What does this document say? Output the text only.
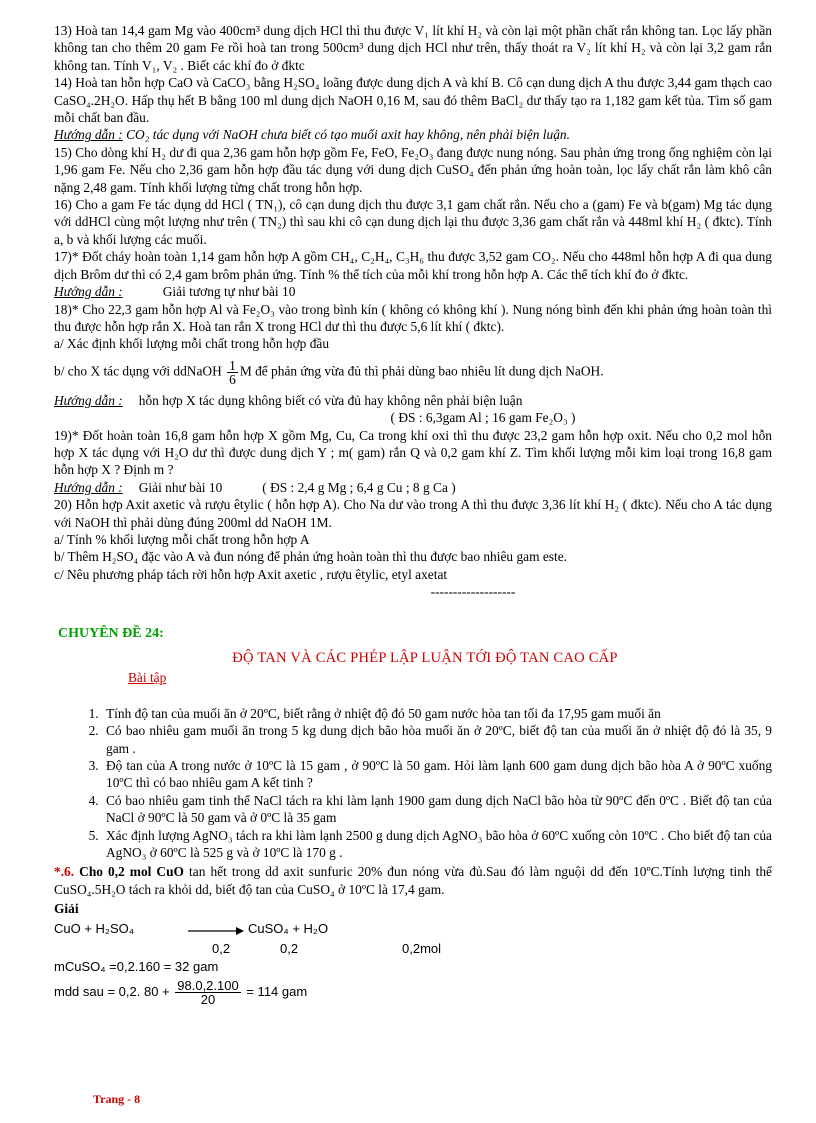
13) Hoà tan 14,4 gam Mg vào 400cm³ dung dịch HCl thì thu được V₁ lít khí H₂ và còn lại một phần chất rắn không tan. Lọc lấy phần không tan cho thêm 20 gam Fe rồi hoà tan trong 500cm³ dung dịch HCl như trên, thấy thoát ra V₂ lít khí H₂ và còn lại 3,2 gam rắn không tan. Tính V₁, V₂ . Biết các khí đo ở đktc

14) Hoà tan hỗn hợp CaO và CaCO₃ bằng H₂SO₄ loãng được dung dịch A và khí B. Cô cạn dung dịch A thu được 3,44 gam thạch cao CaSO₄.2H₂O. Hấp thụ hết B bằng 100 ml dung dịch NaOH 0,16 M, sau đó thêm BaCl₂ dư thấy tạo ra 1,182 gam kết tủa. Tìm số gam mỗi chất ban đầu.

Hướng dẫn : CO₂ tác dụng với NaOH chưa biết có tạo muối axit hay không, nên phải biện luận.

15) Cho dòng khí H₂ dư đi qua 2,36 gam hỗn hợp gồm Fe, FeO, Fe₂O₃ đang được nung nóng. Sau phản ứng trong ống nghiệm còn lại 1,96 gam Fe. Nếu cho 2,36 gam hỗn hợp đầu tác dụng với dung dịch CuSO₄ đến phản ứng hoàn toàn, lọc lấy chất rắn làm khô cân nặng 2,48 gam. Tính khối lượng từng chất trong hỗn hợp.

16) Cho a gam Fe tác dụng dd HCl ( TN₁), cô cạn dung dịch thu được 3,1 gam chất rắn. Nếu cho a (gam) Fe và b(gam) Mg tác dụng với ddHCl cùng một lượng như trên ( TN₂) thì sau khi cô cạn dung dịch lại thu được 3,36 gam chất rắn và 448ml khí H₂ ( đktc). Tính a, b và khối lượng các muối.

17)* Đốt cháy hoàn toàn 1,14 gam hỗn hợp A gồm CH₄, C₂H₄, C₃H₆ thu được 3,52 gam CO₂. Nếu cho 448ml hỗn hợp A đi qua dung dịch Brôm dư thì có 2,4 gam brôm phản ứng. Tính % thể tích của mỗi khí trong hỗn hợp A. Các thể tích khí đo ở đktc.

Hướng dẫn :	Giải tương tự như bài 10

18)* Cho 22,3 gam hỗn hợp Al và Fe₂O₃ vào trong bình kín ( không có không khí ). Nung nóng bình đến khi phản ứng hoàn toàn thì thu được hỗn hợp rắn X. Hoà tan rắn X trong HCl dư thì thu được 5,6 lít khí ( đktc).

a/ Xác định khối lượng mỗi chất trong hỗn hợp đầu

b/ cho X tác dụng với ddNaOH $\frac{1}{6}$ M để phản ứng vừa đủ thì phải dùng bao nhiêu lít dung dịch NaOH.

Hướng dẫn : hỗn hợp X tác dụng không biết có vừa đủ hay không nên phải biện luận

( ĐS : 6,3gam Al ; 16 gam Fe₂O₃ )

19)* Đốt hoàn toàn 16,8 gam hỗn hợp X gồm Mg, Cu, Ca trong khí oxi thì thu được 23,2 gam hỗn hợp oxit. Nếu cho 0,2 mol hỗn hợp X tác dụng với H₂O dư thì được dung dịch Y ; m( gam) rắn Q và 0,2 gam khí Z. Tìm khối lượng mỗi kim loại trong 16,8 gam hỗn hợp X ? Định m ?

Hướng dẫn : Giải như bài 10	( ĐS : 2,4 g Mg ; 6,4 g Cu ; 8 g Ca )

20) Hỗn hợp Axit axetic và rượu êtylic ( hỗn hợp A). Cho Na dư vào trong A thì thu được 3,36 lít khí H₂ ( đktc). Nếu cho A tác dụng với NaOH thì phải dùng đúng 200ml dd NaOH 1M.

a/ Tính % khối lượng mỗi chất trong hỗn hợp A

b/ Thêm H₂SO₄ đặc vào A và đun nóng để phản ứng hoàn toàn thì thu được bao nhiêu gam este.

c/ Nêu phương pháp tách rời hỗn hợp Axit axetic , rượu êtylic, etyl axetat

-------------------

CHUYÊN ĐỀ 24:
ĐỘ TAN VÀ CÁC PHÉP LẬP LUẬN TỚI ĐỘ TAN CAO CẤP
Bài tập
1. Tính độ tan của muối ăn ở 20ºC, biết rằng ở nhiệt độ đó 50 gam nước hòa tan tối đa 17,95 gam muối ăn
2. Có bao nhiêu gam muối ăn trong 5 kg dung dịch bão hòa muối ăn ở 20ºC, biết độ tan của muối ăn ở nhiệt độ đó là 35, 9 gam .
3. Độ tan của A trong nước ở 10ºC là 15 gam , ở 90ºC là 50 gam. Hỏi làm lạnh 600 gam dung dịch bão hòa A ở 90ºC xuống 10ºC thì có bao nhiêu gam A kết tinh ?
4. Có bao nhiêu gam tinh thể NaCl tách ra khi làm lạnh 1900 gam dung dịch NaCl bão hòa từ 90ºC đến 0ºC . Biết độ tan của NaCl ở 90ºC là 50 gam và ở 0ºC là 35 gam
5. Xác định lượng AgNO₃ tách ra khi làm lạnh 2500 g dung dịch AgNO₃ bão hòa ở 60ºC xuống còn 10ºC . Cho biết độ tan của AgNO₃ ở 60ºC là 525 g và ở 10ºC là 170 g .

*.6. Cho 0,2 mol CuO tan hết trong dd axit sunfuric 20% đun nóng vừa đủ.Sau đó làm nguội dd đến 10ºC.Tính lượng tinh thể CuSO₄.5H₂O tách ra khỏi dd, biết độ tan của CuSO₄ ở 10ºC là 17,4 gam.

Giải
CuO + H₂SO₄	CuSO₄ + H₂O
0,2	0,2	0,2mol

mCuSO₄ =0,2.160 = 32 gam

mdd sau = 0,2. $80 + \frac{98.0,2.100}{20} = 114$ gam

Trang - 8
